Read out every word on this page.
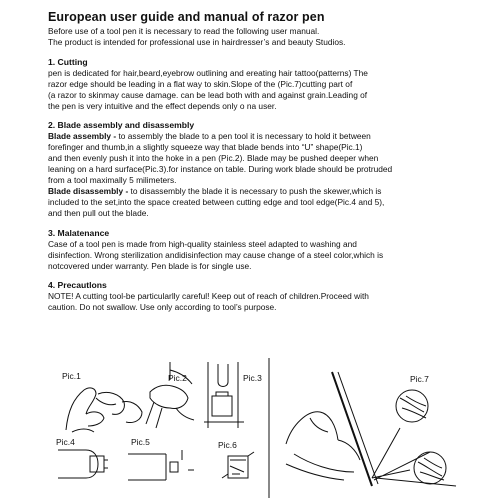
European user guide and manual of razor pen
Before use of a tool pen it is necessary to read the following user manual.
The product is intended for professional use in hairdresser’s and beauty Studios.
1. Cutting
pen is dedicated for hair,beard,eyebrow outlining and ereating hair tattoo(patterns) The
razor edge should be leading in a flat way to skin.Slope of the (Pic.7)cutting part of
(a razor to skinmay cause damage. can be lead both with and against grain.Leading of
the pen is very intuitive and the effect depends only o na user.
2. Blade assembly and disassembly
Blade assembly - to assembly the blade to a pen tool it is necessary to hold it between
forefinger and thumb,in a slightly squeeze way that blade bends into “U” shape(Pic.1)
and then evenly push it into the hoke in a pen (Pic.2). Blade may be pushed deeper when
leaning on a hard surface(Pic.3).for instance on table. During work blade should be protruded
from a tool maximally 5 milimeters.
Blade disassembly - to disassembly the blade it is necessary to push the skewer,which is
included to the set,into the space created between cutting edge and tool edge(Pic.4 and 5),
and then pull out the blade.
3. Malatenance
Case of a tool pen is made from high-quality stainless steel adapted to washing and
disinfection. Wrong sterilization andidisinfection may cause change of a steel color,which is
notcovered under warranty. Pen blade is for single use.
4. Precautlons
NOTE! A cutting tool-be particularlly careful! Keep out of reach of children.Proceed with
caution. Do not swallow. Use only according to tool’s purpose.
Pic.1	Pic.2	Pic.3
Pic.4	Pic.5	Pic.6
Pic.7
